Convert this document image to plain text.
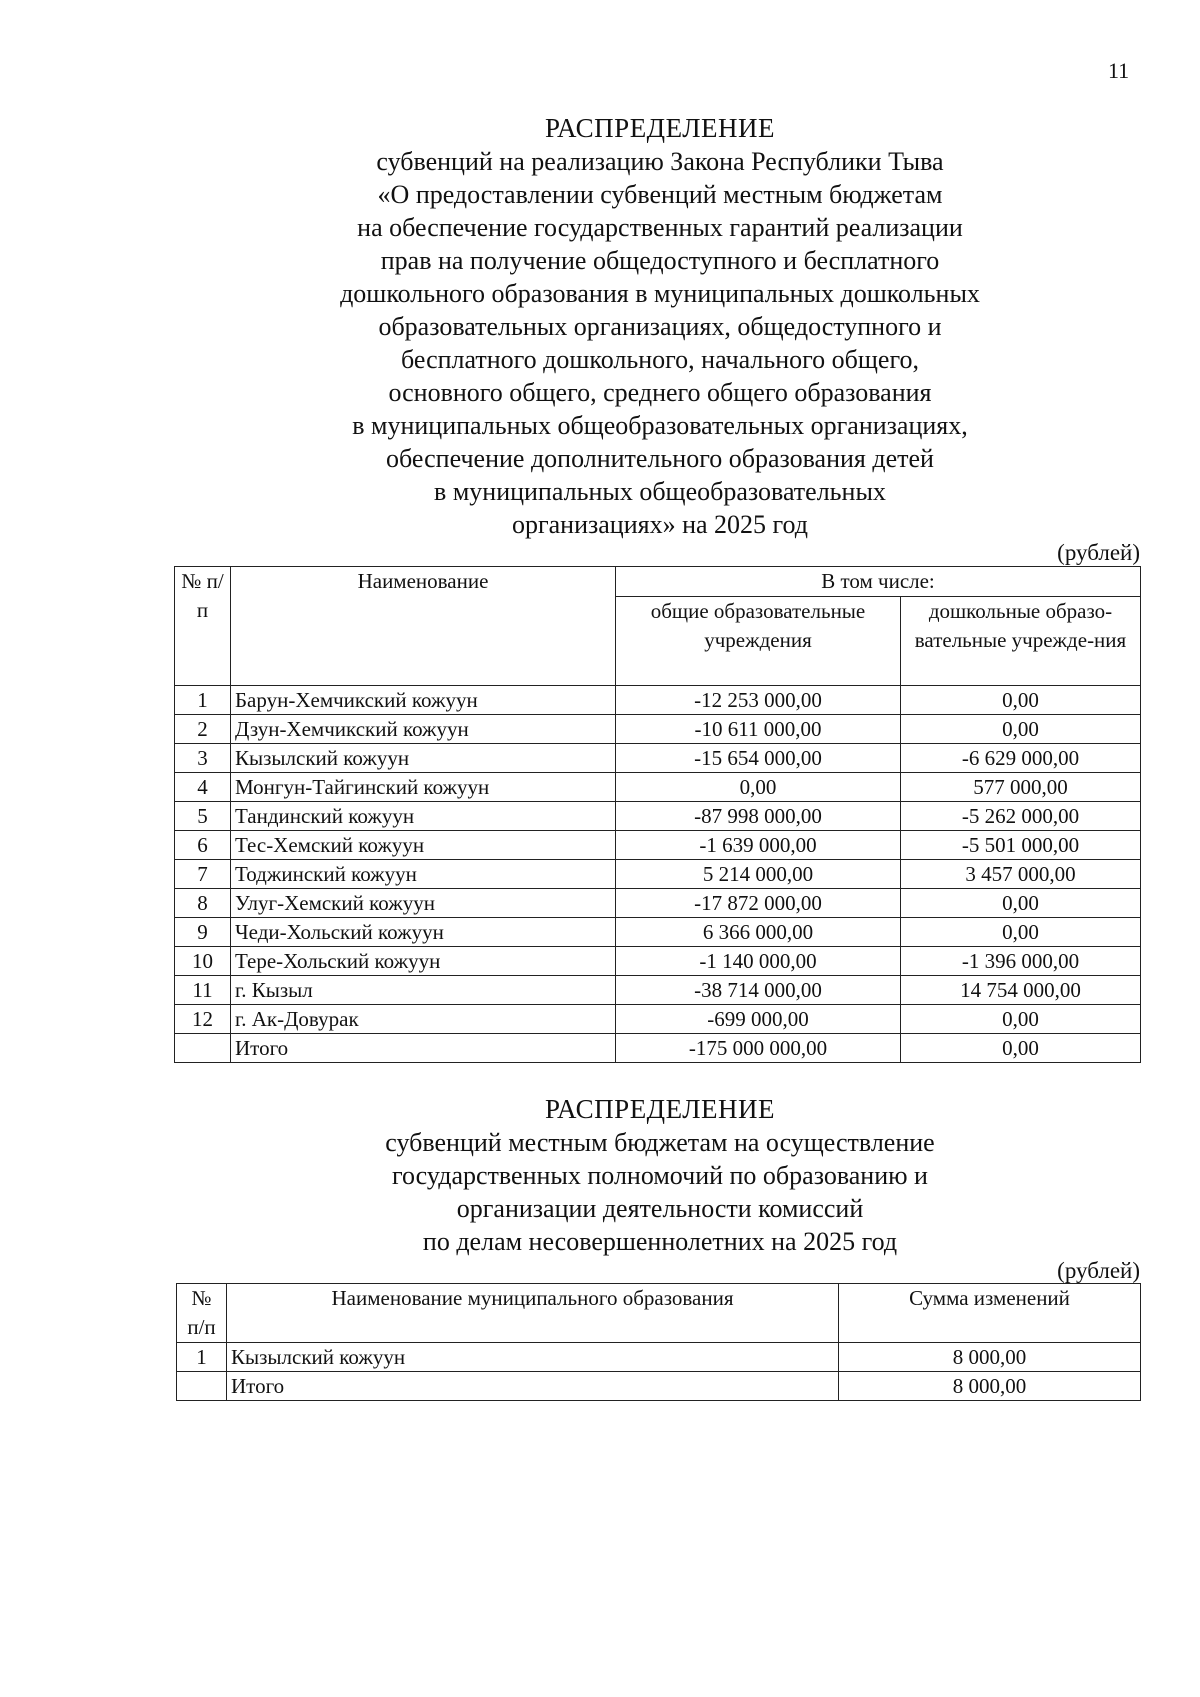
11
РАСПРЕДЕЛЕНИЕ
субвенций на реализацию Закона Республики Тыва
«О предоставлении субвенций местным бюджетам
на обеспечение государственных гарантий реализации
прав на получение общедоступного и бесплатного
дошкольного образования в муниципальных дошкольных
образовательных организациях, общедоступного и
бесплатного дошкольного, начального общего,
основного общего, среднего общего образования
в муниципальных общеобразовательных организациях,
обеспечение дополнительного образования детей
в муниципальных общеобразовательных
организациях» на 2025 год
(рублей)
№ п/п	Наименование	В том числе:	
		общие образовательные учреждения	дошкольные образо-вательные учрежде-ния
1	Барун-Хемчикский кожуун	-12 253 000,00	0,00
2	Дзун-Хемчикский кожуун	-10 611 000,00	0,00
3	Кызылский кожуун	-15 654 000,00	-6 629 000,00
4	Монгун-Тайгинский кожуун	0,00	577 000,00
5	Тандинский кожуун	-87 998 000,00	-5 262 000,00
6	Тес-Хемский кожуун	-1 639 000,00	-5 501 000,00
7	Тоджинский кожуун	5 214 000,00	3 457 000,00
8	Улуг-Хемский кожуун	-17 872 000,00	0,00
9	Чеди-Хольский кожуун	6 366 000,00	0,00
10	Тере-Хольский кожуун	-1 140 000,00	-1 396 000,00
11	г. Кызыл	-38 714 000,00	14 754 000,00
12	г. Ак-Довурак	-699 000,00	0,00
	Итого	-175 000 000,00	0,00
РАСПРЕДЕЛЕНИЕ
субвенций местным бюджетам на осуществление
государственных полномочий по образованию и
организации деятельности комиссий
по делам несовершеннолетних на 2025 год
(рублей)
№ п/п	Наименование муниципального образования	Сумма изменений
1	Кызылский кожуун	8 000,00
	Итого	8 000,00
